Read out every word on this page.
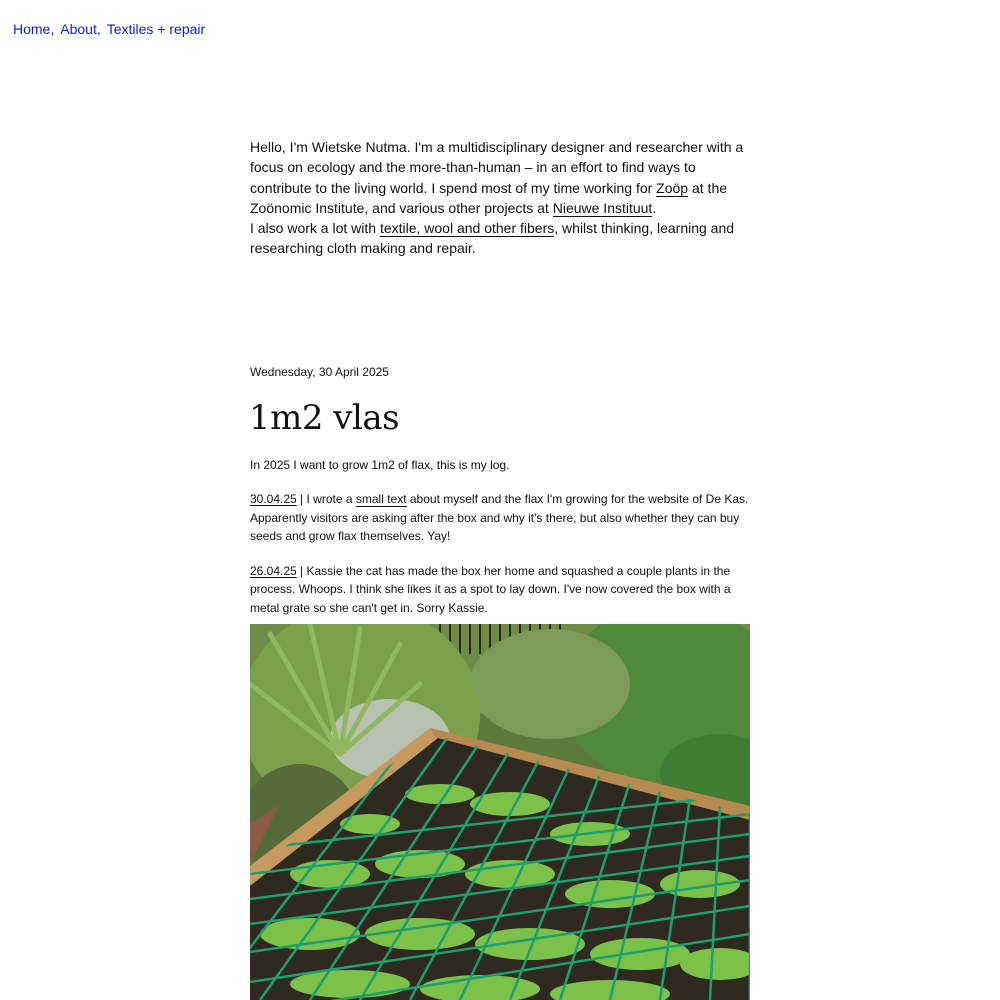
Home, About, Textiles + repair

Hello, I'm Wietske Nutma. I'm a multidisciplinary designer and researcher with a focus on ecology and the more-than-human – in an effort to find ways to contribute to the living world. I spend most of my time working for Zoöp at the Zoönomic Institute, and various other projects at Nieuwe Instituut.

I also work a lot with textile, wool and other fibers, whilst thinking, learning and researching cloth making and repair.

Wednesday, 30 April 2025

1m2 vlas

In 2025 I want to grow 1m2 of flax, this is my log.

30.04.25 | I wrote a small text about myself and the flax I'm growing for the website of De Kas. Apparently visitors are asking after the box and why it's there, but also whether they can buy seeds and grow flax themselves. Yay!

26.04.25 | Kassie the cat has made the box her home and squashed a couple plants in the process. Whoops. I think she likes it as a spot to lay down. I've now covered the box with a metal grate so she can't get in. Sorry Kassie.
